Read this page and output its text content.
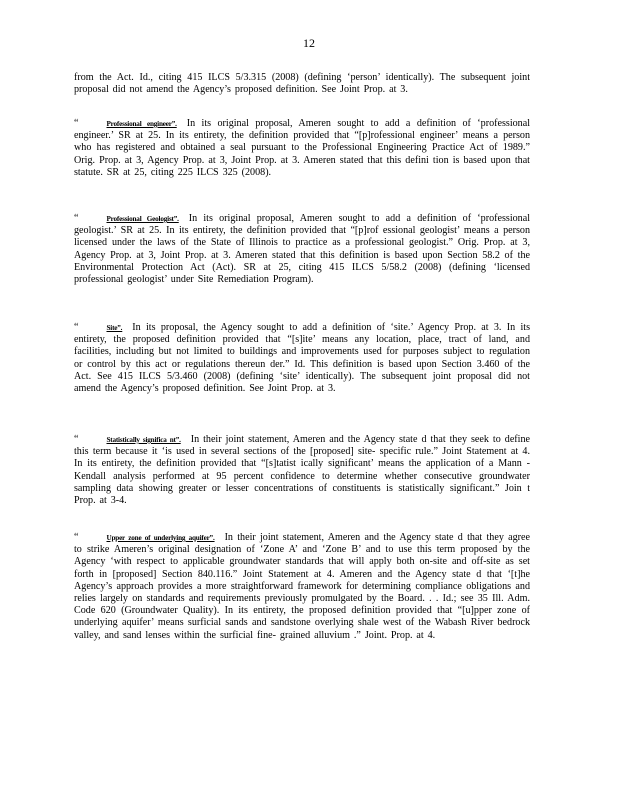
12

from the Act. Id., citing 415 ILCS 5/3.315 (2008) (defining ‘person’ identically). The subsequent joint proposal did not amend the Agency’s proposed definition. See Joint Prop. at 3.

“	Professional engineer”. In its original proposal, Ameren sought to add a definition of ‘professional engineer.’ SR at 25. In its entirety, the definition provided that “[p]rofessional engineer’ means a person who has registered and obtained a seal pursuant to the Professional Engineering Practice Act of 1989.” Orig. Prop. at 3, Agency Prop. at 3, Joint Prop. at 3. Ameren stated that this defini tion is based upon that statute. SR at 25, citing 225 ILCS 325 (2008).

“	Professional Geologist”. In its original proposal, Ameren sought to add a definition of ‘professional geologist.’ SR at 25. In its entirety, the definition provided that “[p]rof essional geologist’ means a person licensed under the laws of the State of Illinois to practice as a professional geologist.” Orig. Prop. at 3, Agency Prop. at 3, Joint Prop. at 3. Ameren stated that this definition is based upon Section 58.2 of the Environmental Protection Act (Act). SR at 25, citing 415 ILCS 5/58.2 (2008) (defining ‘licensed professional geologist’ under Site Remediation Program).

“	Site”. In its proposal, the Agency sought to add a definition of ‘site.’ Agency Prop. at 3. In its entirety, the proposed definition provided that “[s]ite’ means any location, place, tract of land, and facilities, including but not limited to buildings and improvements used for purposes subject to regulation or control by this act or regulations thereun der.” Id. This definition is based upon Section 3.460 of the Act. See 415 ILCS 5/3.460 (2008) (defining ‘site’ identically). The subsequent joint proposal did not amend the Agency’s proposed definition. See Joint Prop. at 3.

“	Statistically significa nt”. In their joint statement, Ameren and the Agency state d that they seek to define this term because it ‘is used in several sections of the [proposed] site- specific rule.” Joint Statement at 4. In its entirety, the definition provided that “[s]tatist ically significant’ means the application of a Mann - Kendall analysis performed at 95 percent confidence to determine whether consecutive groundwater sampling data showing greater or lesser concentrations of constituents is statistically significant.” Join t Prop. at 3-4.

“	Upper zone of underlying aquifer”. In their joint statement, Ameren and the Agency state d that they agree to strike Ameren’s original designation of ‘Zone A’ and ‘Zone B’ and to use this term proposed by the Agency ‘with respect to applicable groundwater standards that will apply both on-site and off-site as set forth in [proposed] Section 840.116.” Joint Statement at 4. Ameren and the Agency state d that ‘[t]he Agency’s approach provides a more straightforward framework for determining compliance obligations and relies largely on standards and requirements previously promulgated by the Board. . . Id.; see 35 Ill. Adm. Code 620 (Groundwater Quality). In its entirety, the proposed definition provided that “[u]pper zone of underlying aquifer’ means surficial sands and sandstone overlying shale west of the Wabash River bedrock valley, and sand lenses within the surficial fine- grained alluvium .” Joint. Prop. at 4.
